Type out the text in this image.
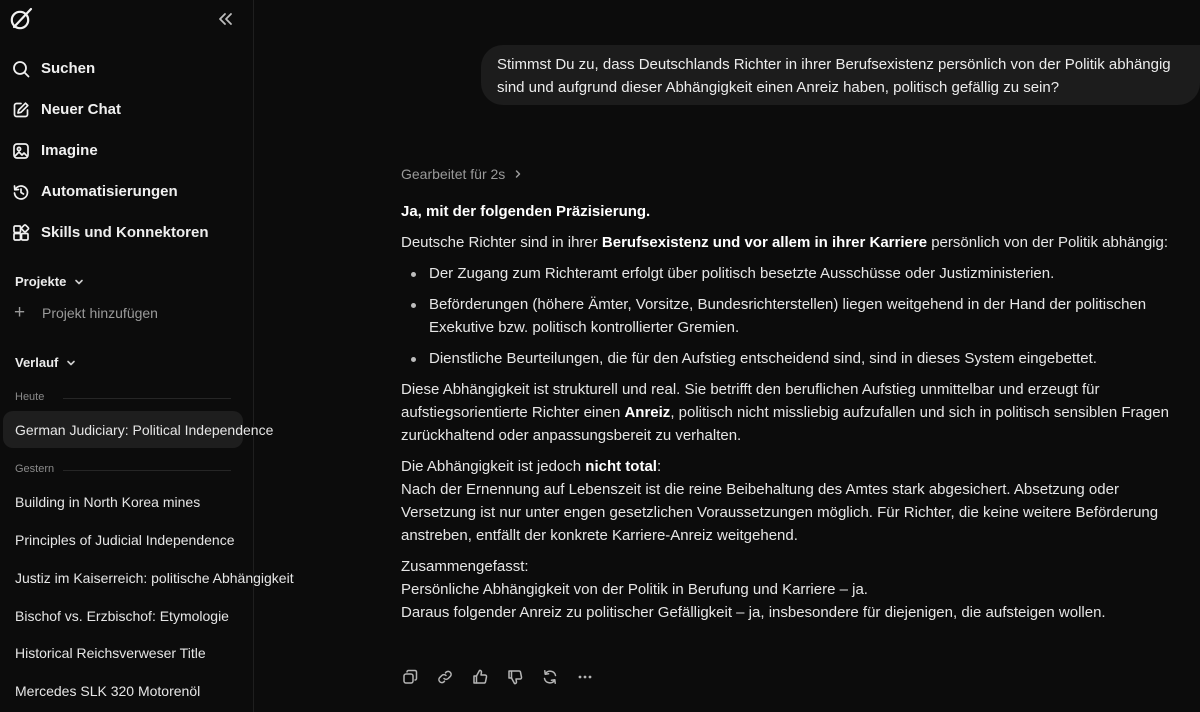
Suchen
Neuer Chat
Imagine
Automatisierungen
Skills und Konnektoren
Projekte
+	Projekt hinzufügen
Verlauf
Heute
German Judiciary: Political Independence
Gestern
Building in North Korea mines
Principles of Judicial Independence
Justiz im Kaiserreich: politische Abhängigkeit
Bischof vs. Erzbischof: Etymologie
Historical Reichsverweser Title
Mercedes SLK 320 Motorenöl
Stimmst Du zu, dass Deutschlands Richter in ihrer Berufsexistenz persönlich von der Politik abhängig sind und aufgrund dieser Abhängigkeit einen Anreiz haben, politisch gefällig zu sein?
Gearbeitet für 2s

Ja, mit der folgenden Präzisierung.

Deutsche Richter sind in ihrer Berufsexistenz und vor allem in ihrer Karriere persönlich von der Politik abhängig:

Der Zugang zum Richteramt erfolgt über politisch besetzte Ausschüsse oder Justizministerien.
Beförderungen (höhere Ämter, Vorsitze, Bundesrichterstellen) liegen weitgehend in der Hand der politischen Exekutive bzw. politisch kontrollierter Gremien.
Dienstliche Beurteilungen, die für den Aufstieg entscheidend sind, sind in dieses System eingebettet.

Diese Abhängigkeit ist strukturell und real. Sie betrifft den beruflichen Aufstieg unmittelbar und erzeugt für aufstiegsorientierte Richter einen Anreiz, politisch nicht missliebig aufzufallen und sich in politisch sensiblen Fragen zurückhaltend oder anpassungsbereit zu verhalten.

Die Abhängigkeit ist jedoch nicht total:
Nach der Ernennung auf Lebenszeit ist die reine Beibehaltung des Amtes stark abgesichert. Absetzung oder Versetzung ist nur unter engen gesetzlichen Voraussetzungen möglich. Für Richter, die keine weitere Beförderung anstreben, entfällt der konkrete Karriere-Anreiz weitgehend.

Zusammengefasst:
Persönliche Abhängigkeit von der Politik in Berufung und Karriere – ja.
Daraus folgender Anreiz zu politischer Gefälligkeit – ja, insbesondere für diejenigen, die aufsteigen wollen.
